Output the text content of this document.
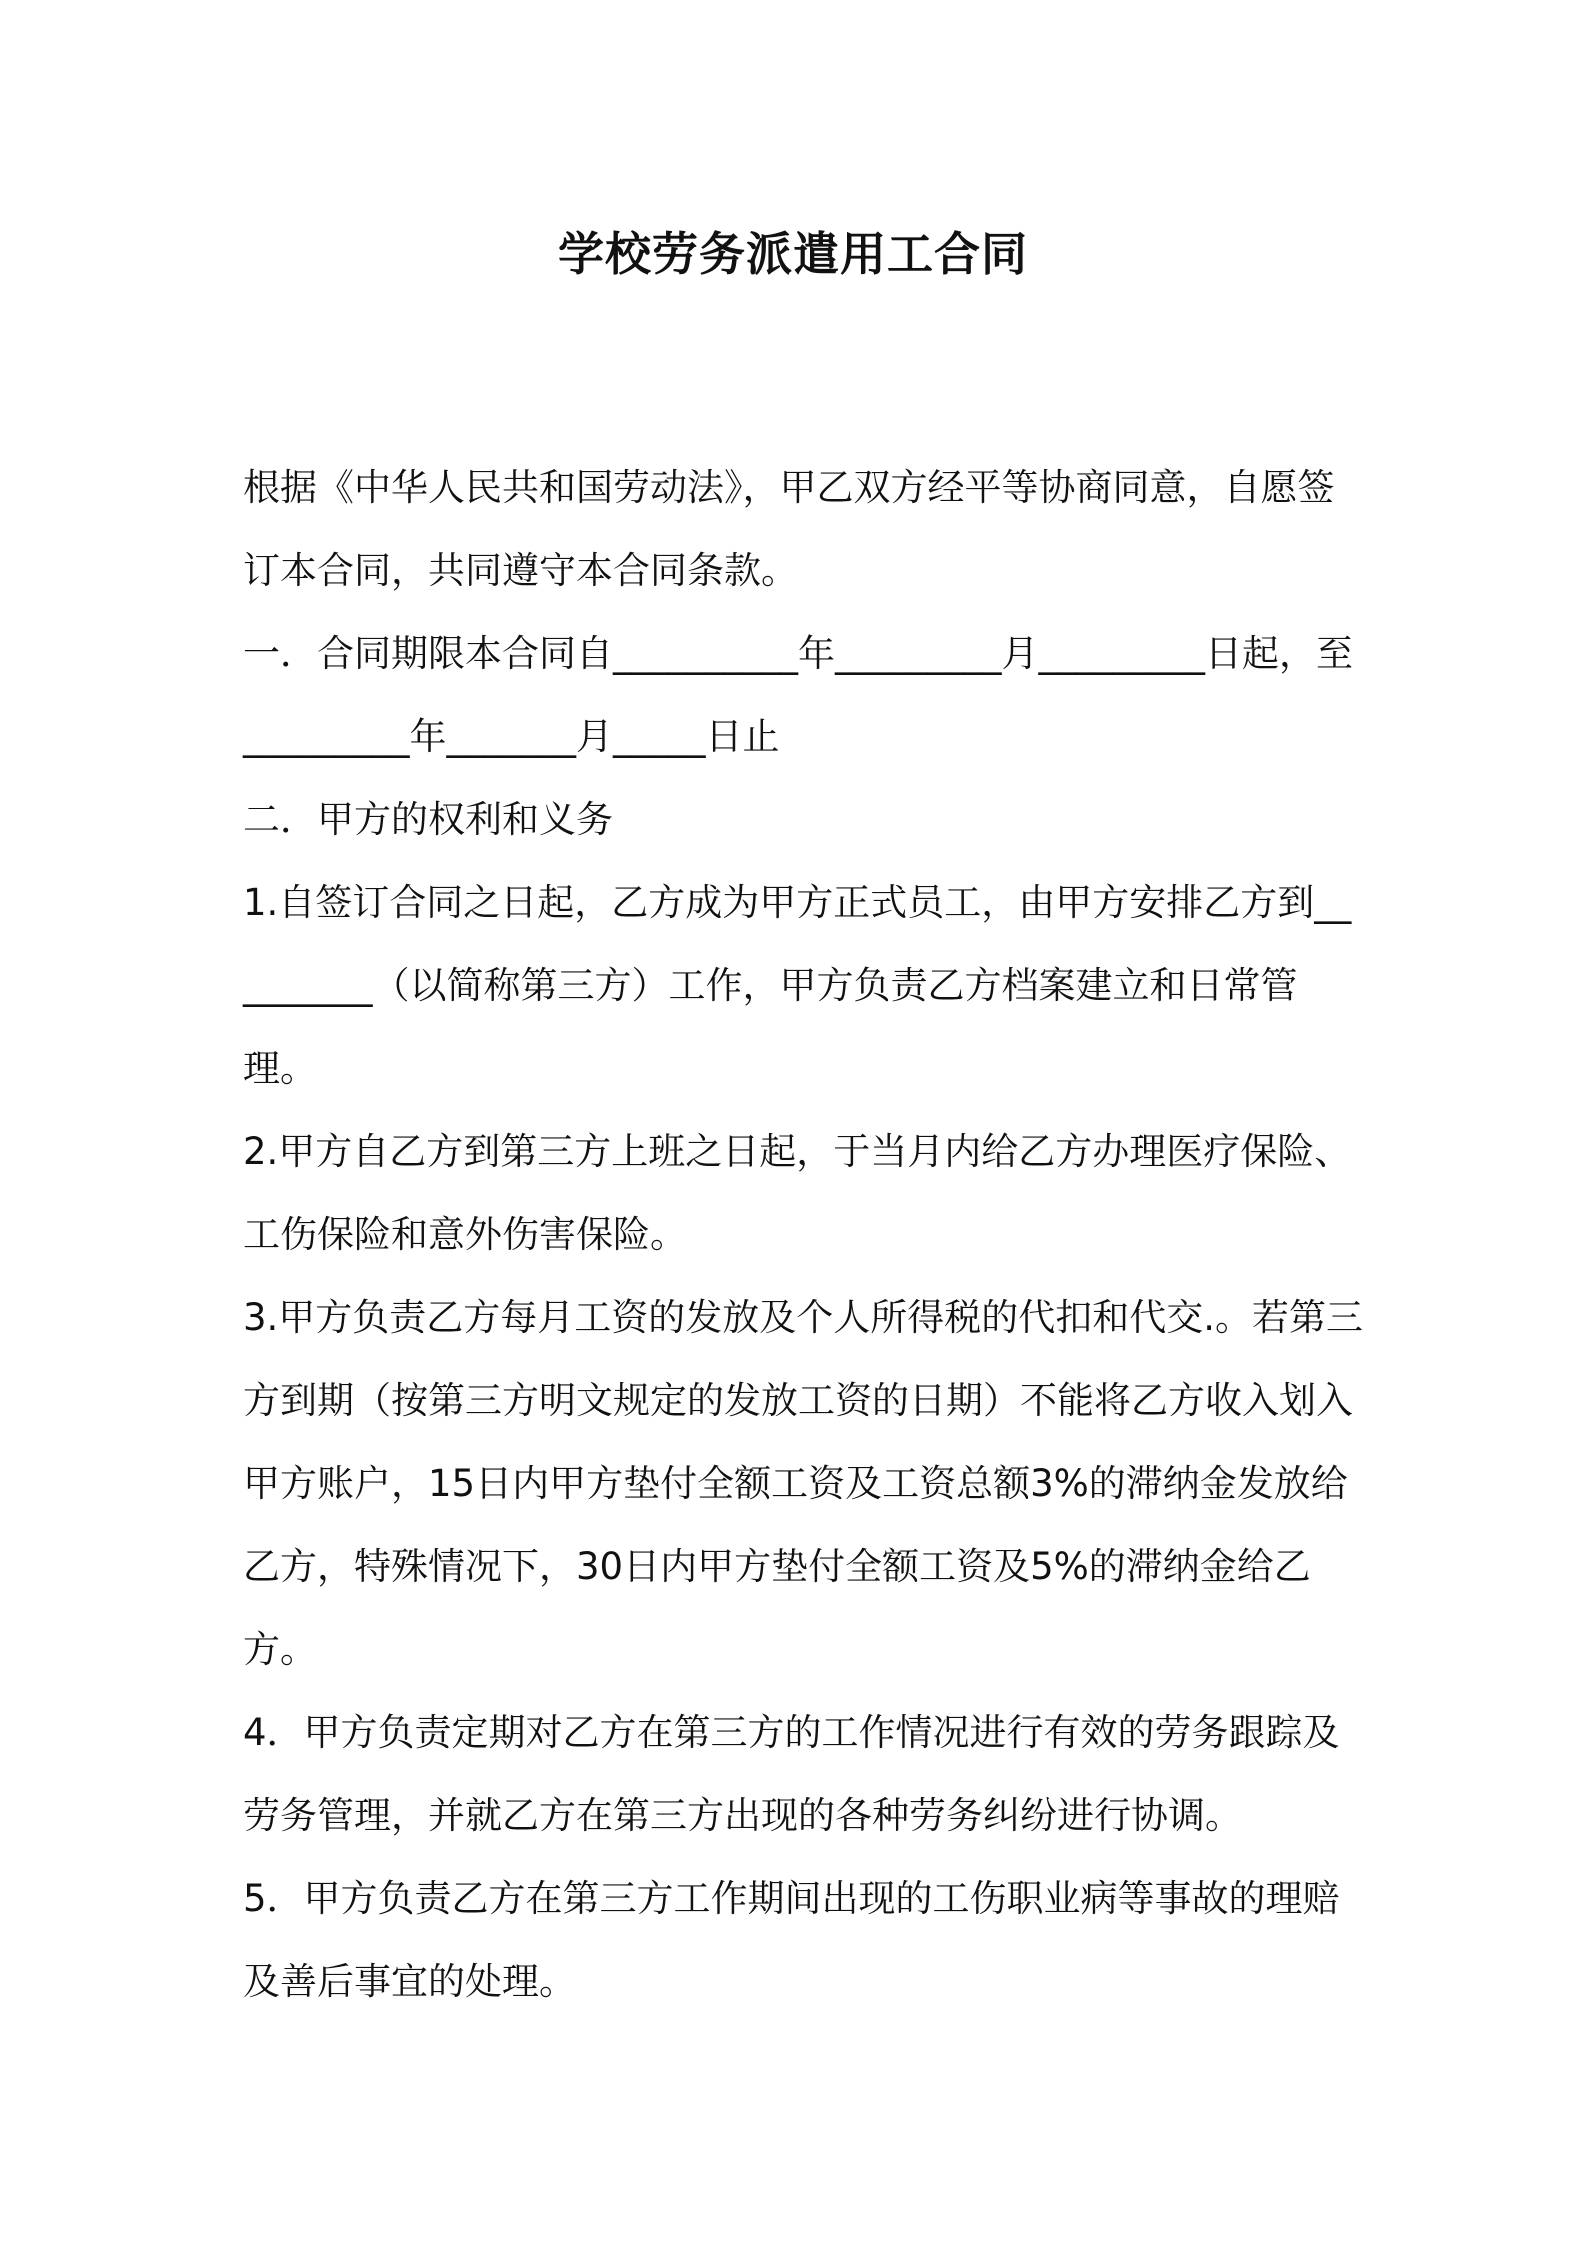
学校劳务派遣用工合同

根据《中华人民共和国劳动法》，甲乙双方经平等协商同意，自愿签订本合同，共同遵守本合同条款。

一．合同期限本合同自__________年_________月_________日起，至_________年_______月_____日止

二．甲方的权利和义务

1.自签订合同之日起，乙方成为甲方正式员工，由甲方安排乙方到_________（以简称第三方）工作，甲方负责乙方档案建立和日常管理。

2.甲方自乙方到第三方上班之日起，于当月内给乙方办理医疗保险、工伤保险和意外伤害保险。

3.甲方负责乙方每月工资的发放及个人所得税的代扣和代交.。若第三方到期（按第三方明文规定的发放工资的日期）不能将乙方收入划入甲方账户，15日内甲方垫付全额工资及工资总额3%的滞纳金发放给乙方，特殊情况下，30日内甲方垫付全额工资及5%的滞纳金给乙方。

4．甲方负责定期对乙方在第三方的工作情况进行有效的劳务跟踪及劳务管理，并就乙方在第三方出现的各种劳务纠纷进行协调。

5．甲方负责乙方在第三方工作期间出现的工伤职业病等事故的理赔及善后事宜的处理。
